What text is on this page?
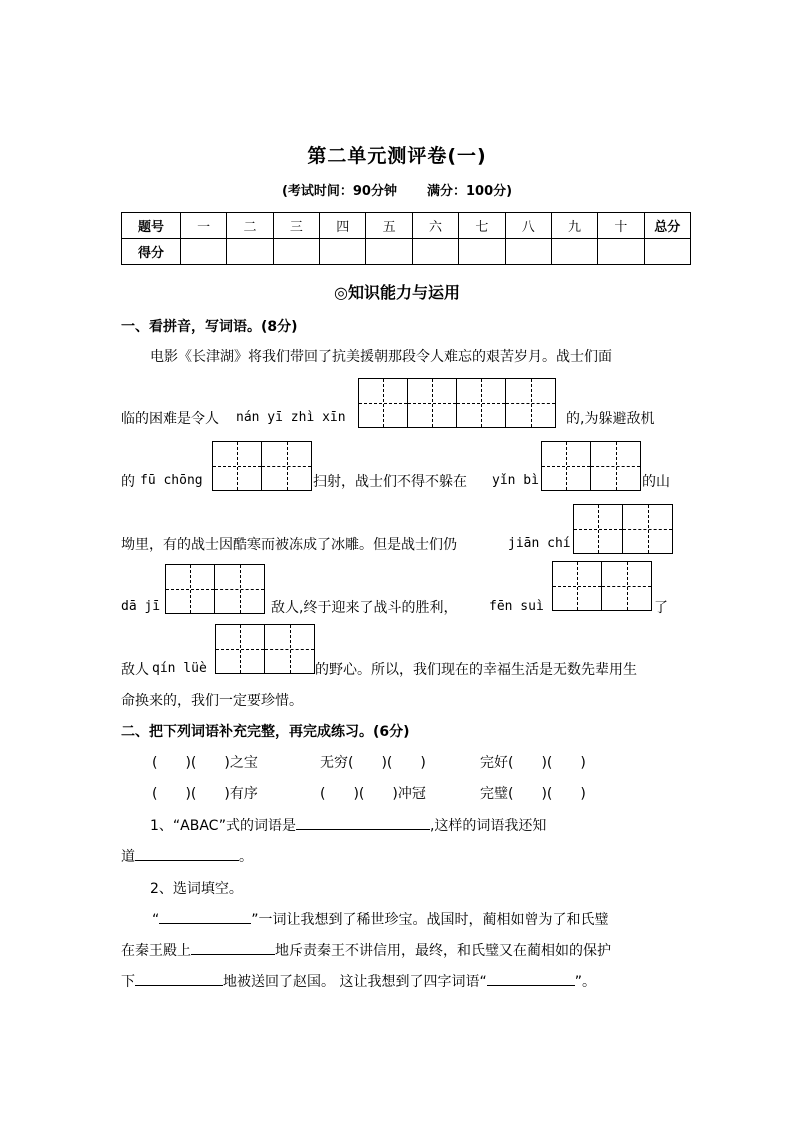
第二单元测评卷(一)
(考试时间：90分钟 满分：100分)
题号	一	二	三	四	五	六	七	八	九	十	总分
得分											
◎知识能力与运用
一、看拼音，写词语。(8分)
电影《长津湖》将我们带回了抗美援朝那段令人难忘的艰苦岁月。战士们面
临的困难是令人 nán yī zhì xīn	的,为躲避敌机
的 fū chōng	扫射，战士们不得不躲在 yǐn bì	的山
坳里，有的战士因酷寒而被冻成了冰雕。但是战士们仍	jiān chí
dā jī	敌人,终于迎来了战斗的胜利， fēn suì	了
敌人 qín lüè	的野心。所以，我们现在的幸福生活是无数先辈用生
命换来的，我们一定要珍惜。
二、把下列词语补充完整，再完成练习。(6分)
(　　)(　　)之宝	无穷(　　)(　　)	完好(　　)(　　)
(　　)(　　)有序	(　　)(　　)冲冠	完璧(　　)(　　)
1、“ABAC”式的词语是	,这样的词语我还知
道	。
2、选词填空。
“	”一词让我想到了稀世珍宝。战国时，蔺相如曾为了和氏璧
在秦王殿上	地斥责秦王不讲信用，最终，和氏璧又在蔺相如的保护
下	地被送回了赵国。 这让我想到了四字词语“	”。
